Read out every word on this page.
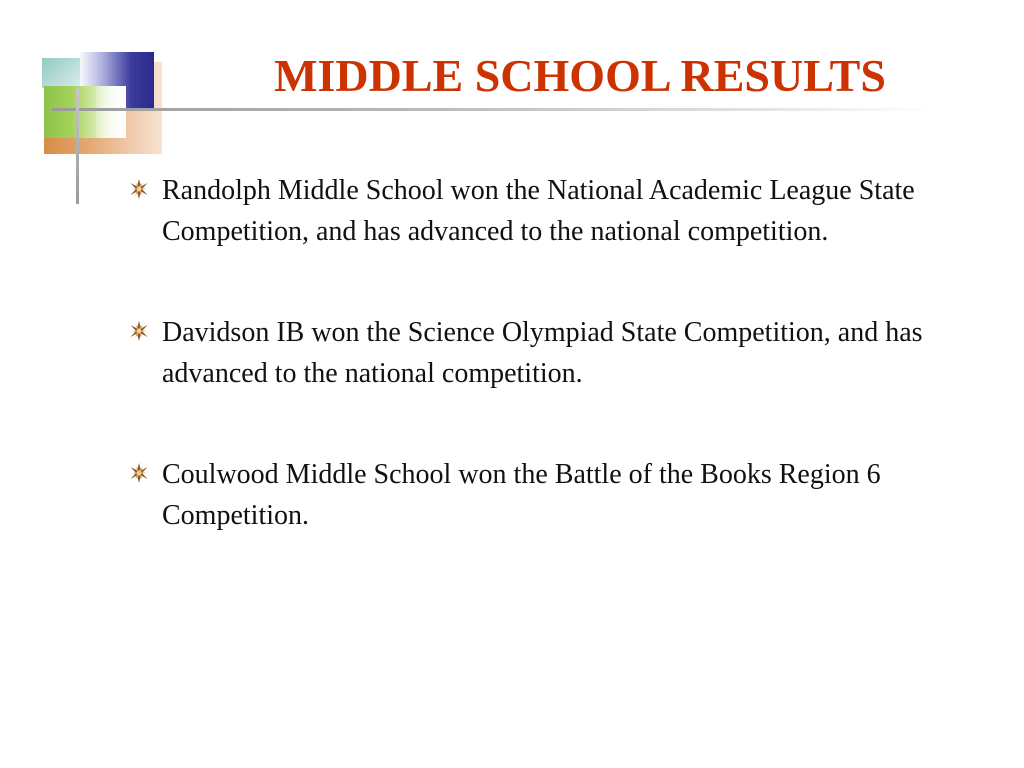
MIDDLE SCHOOL RESULTS
Randolph Middle School won the National Academic League State Competition, and has advanced to the national competition.
Davidson IB won the Science Olympiad State Competition, and has advanced to the national competition.
Coulwood Middle School won the Battle of the Books Region 6 Competition.
